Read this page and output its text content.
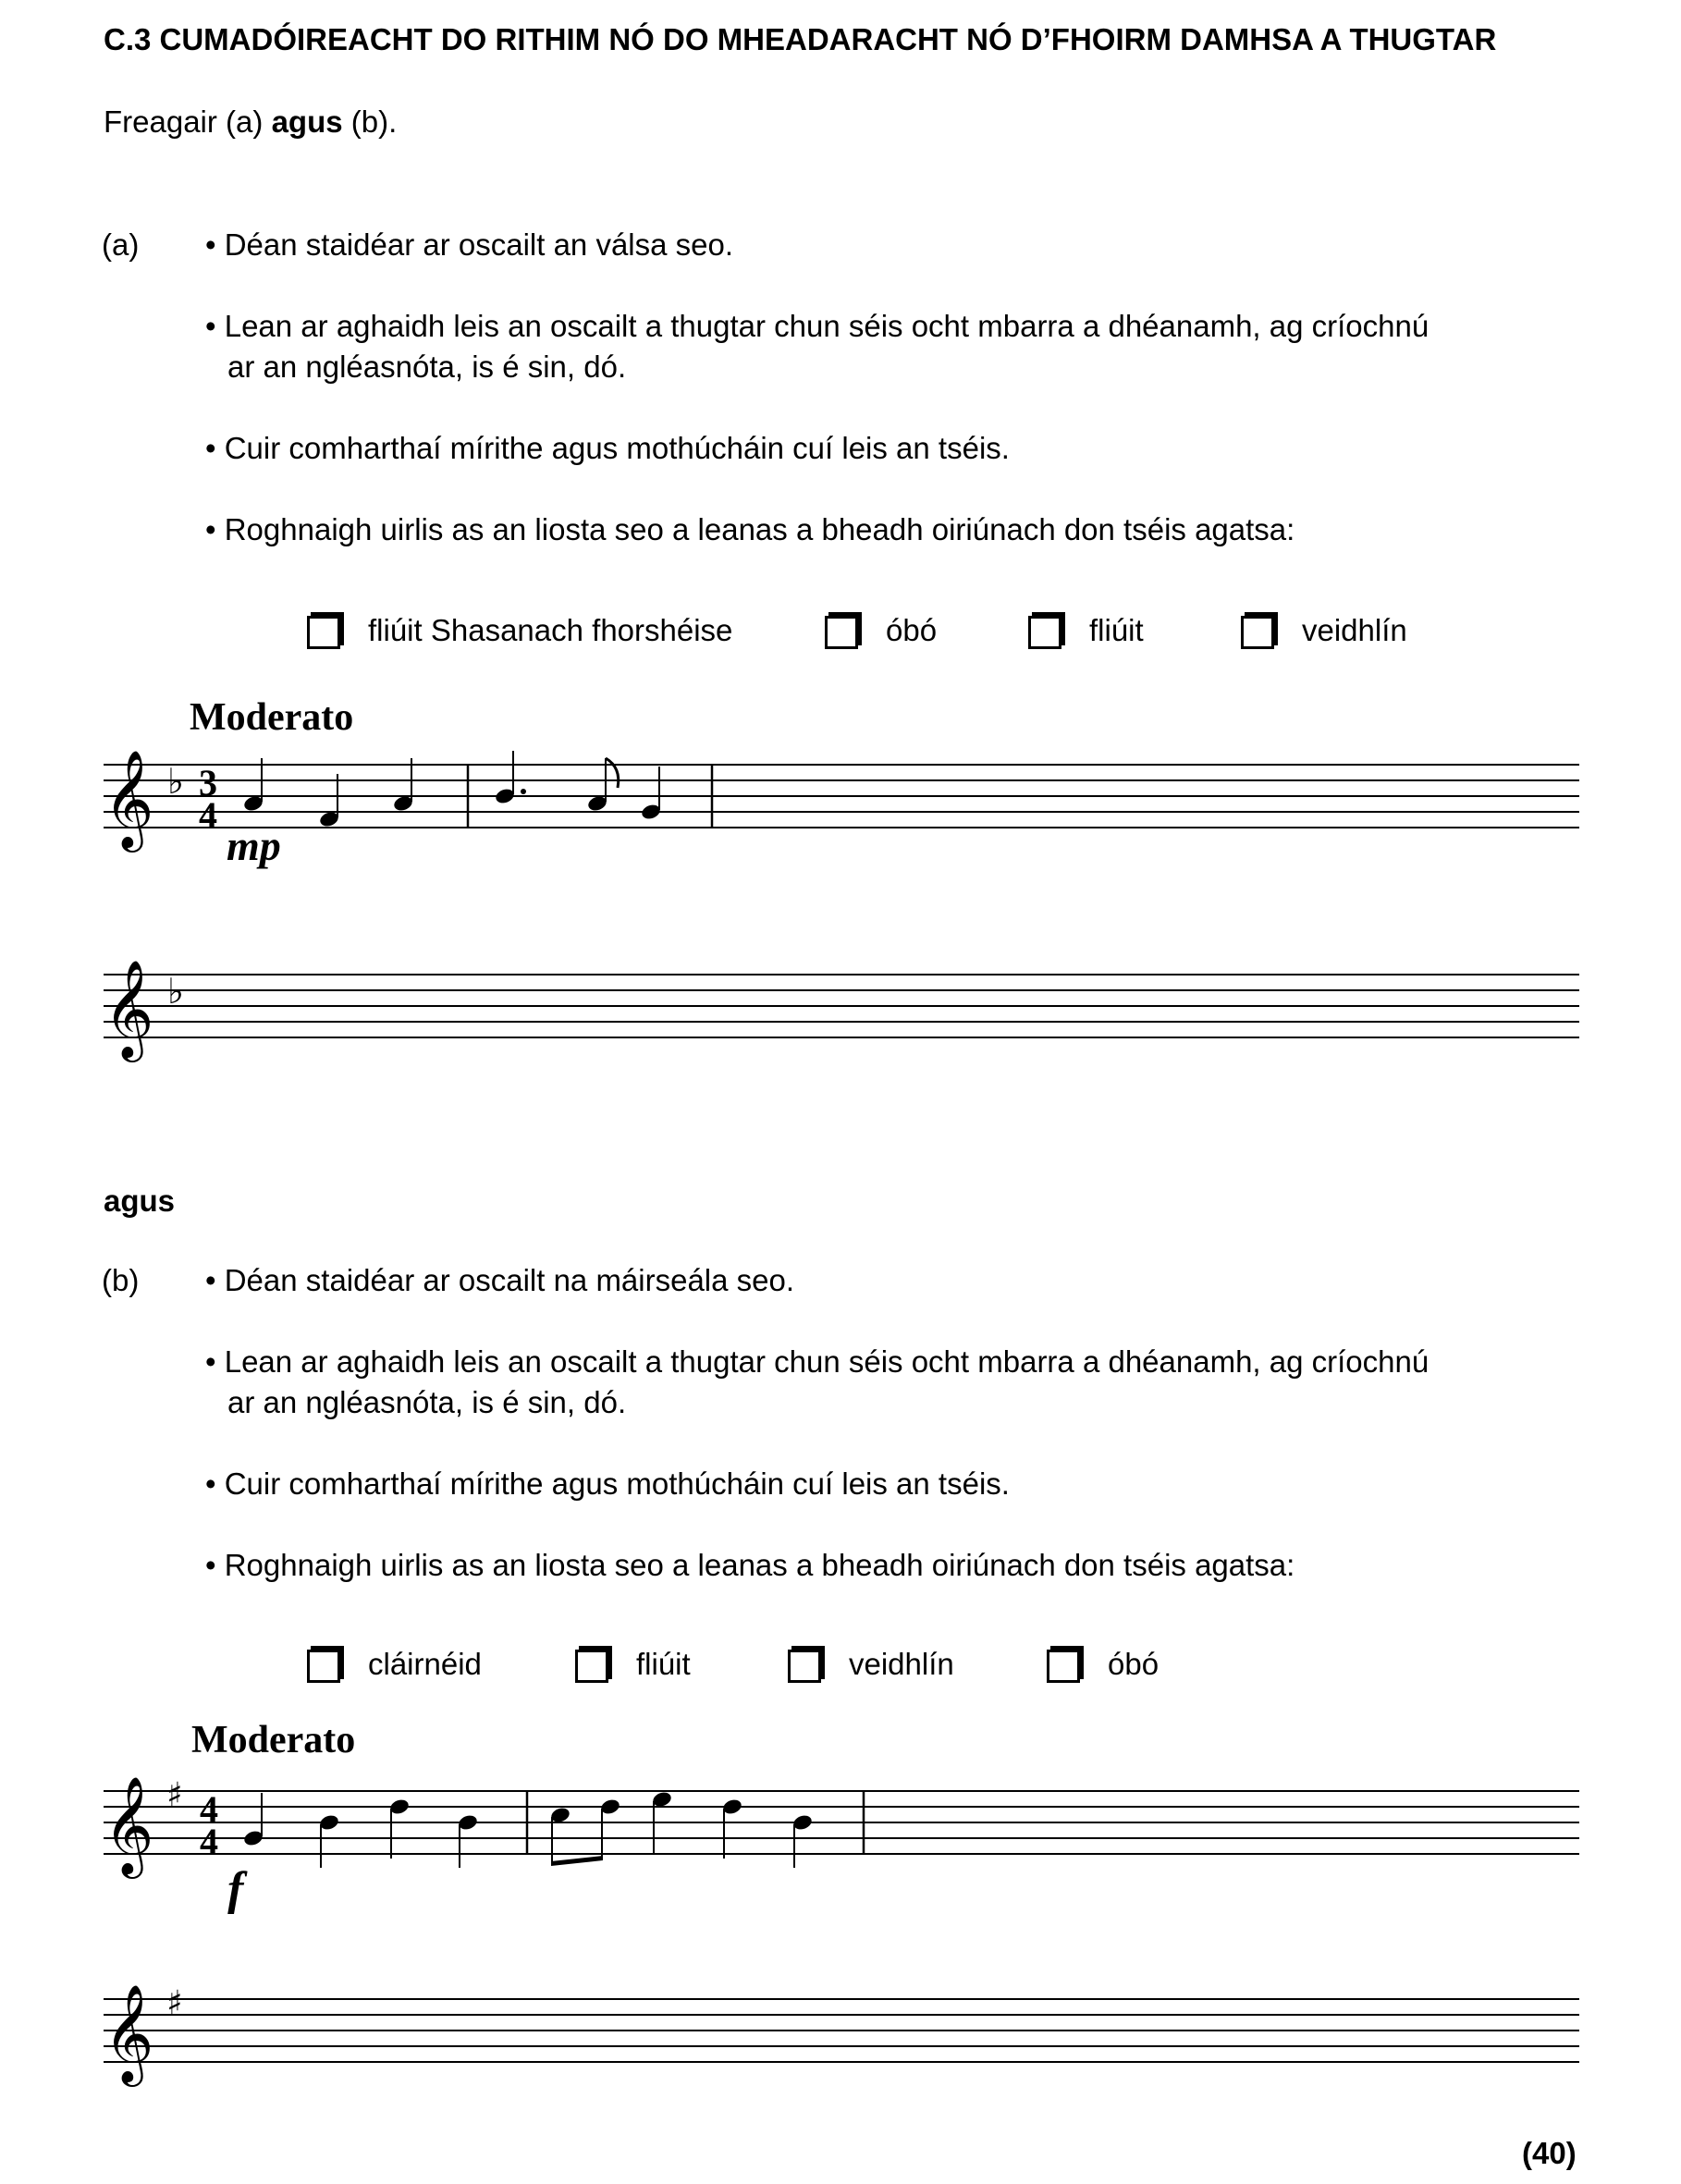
C.3 CUMADÓIREACHT DO RITHIM NÓ DO MHEADARACHT NÓ D’FHOIRM DAMHSA A THUGTAR
Freagair (a) agus (b).
(a) • Déan staidéar ar oscailt an válsa seo.
• Lean ar aghaidh leis an oscailt a thugtar chun séis ocht mbarra a dhéanamh, ag críochnú
ar an ngléasnóta, is é sin, dó.
• Cuir comharthaí mírithe agus mothúcháin cuí leis an tséis.
• Roghnaigh uirlis as an liosta seo a leanas a bheadh oiriúnach don tséis agatsa:
fliúit Shasanach fhorshéise	óbó	fliúit	veidhlín
Moderato
𝄞 ♭ 3
4
mp
𝄞 ♭
agus
(b) • Déan staidéar ar oscailt na máirseála seo.
• Lean ar aghaidh leis an oscailt a thugtar chun séis ocht mbarra a dhéanamh, ag críochnú
ar an ngléasnóta, is é sin, dó.
• Cuir comharthaí mírithe agus mothúcháin cuí leis an tséis.
• Roghnaigh uirlis as an liosta seo a leanas a bheadh oiriúnach don tséis agatsa:
cláirnéid	fliúit	veidhlín	óbó
Moderato
𝄞 ♯ 4
4
f
𝄞 ♯
(40)
